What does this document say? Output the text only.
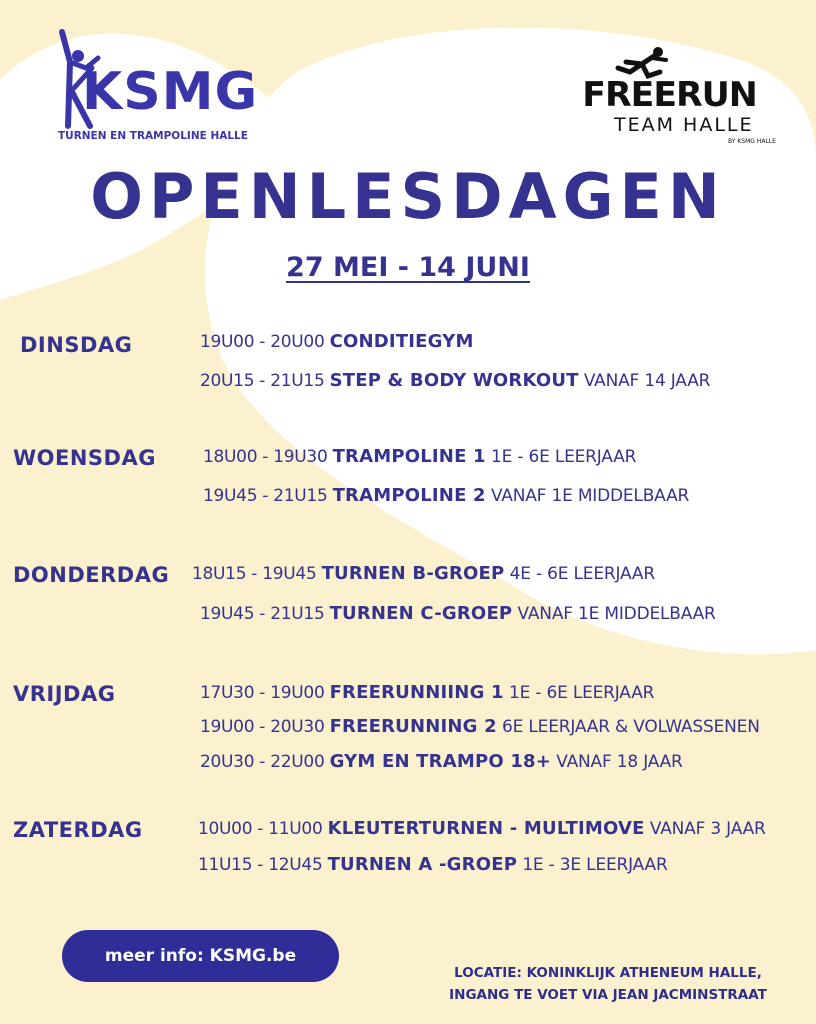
KSMG
TURNEN EN TRAMPOLINE HALLE
FREERUN
TEAM HALLE
BY KSMG HALLE
OPENLESDAGEN
27 MEI - 14 JUNI
DINSDAG	19U00 - 20U00 CONDITIEGYM
20U15 - 21U15 STEP & BODY WORKOUT VANAF 14 JAAR
WOENSDAG	18U00 - 19U30 TRAMPOLINE 1 1E - 6E LEERJAAR
19U45 - 21U15 TRAMPOLINE 2 VANAF 1E MIDDELBAAR
DONDERDAG 18U15 - 19U45 TURNEN B-GROEP 4E - 6E LEERJAAR
19U45 - 21U15 TURNEN C-GROEP VANAF 1E MIDDELBAAR
VRIJDAG	17U30 - 19U00 FREERUNNIING 1 1E - 6E LEERJAAR
19U00 - 20U30 FREERUNNING 2 6E LEERJAAR & VOLWASSENEN
20U30 - 22U00 GYM EN TRAMPO 18+ VANAF 18 JAAR
ZATERDAG	10U00 - 11U00 KLEUTERTURNEN - MULTIMOVE VANAF 3 JAAR
11U15 - 12U45 TURNEN A -GROEP 1E - 3E LEERJAAR
meer info: KSMG.be
LOCATIE: KONINKLIJK ATHENEUM HALLE,
INGANG TE VOET VIA JEAN JACMINSTRAAT
